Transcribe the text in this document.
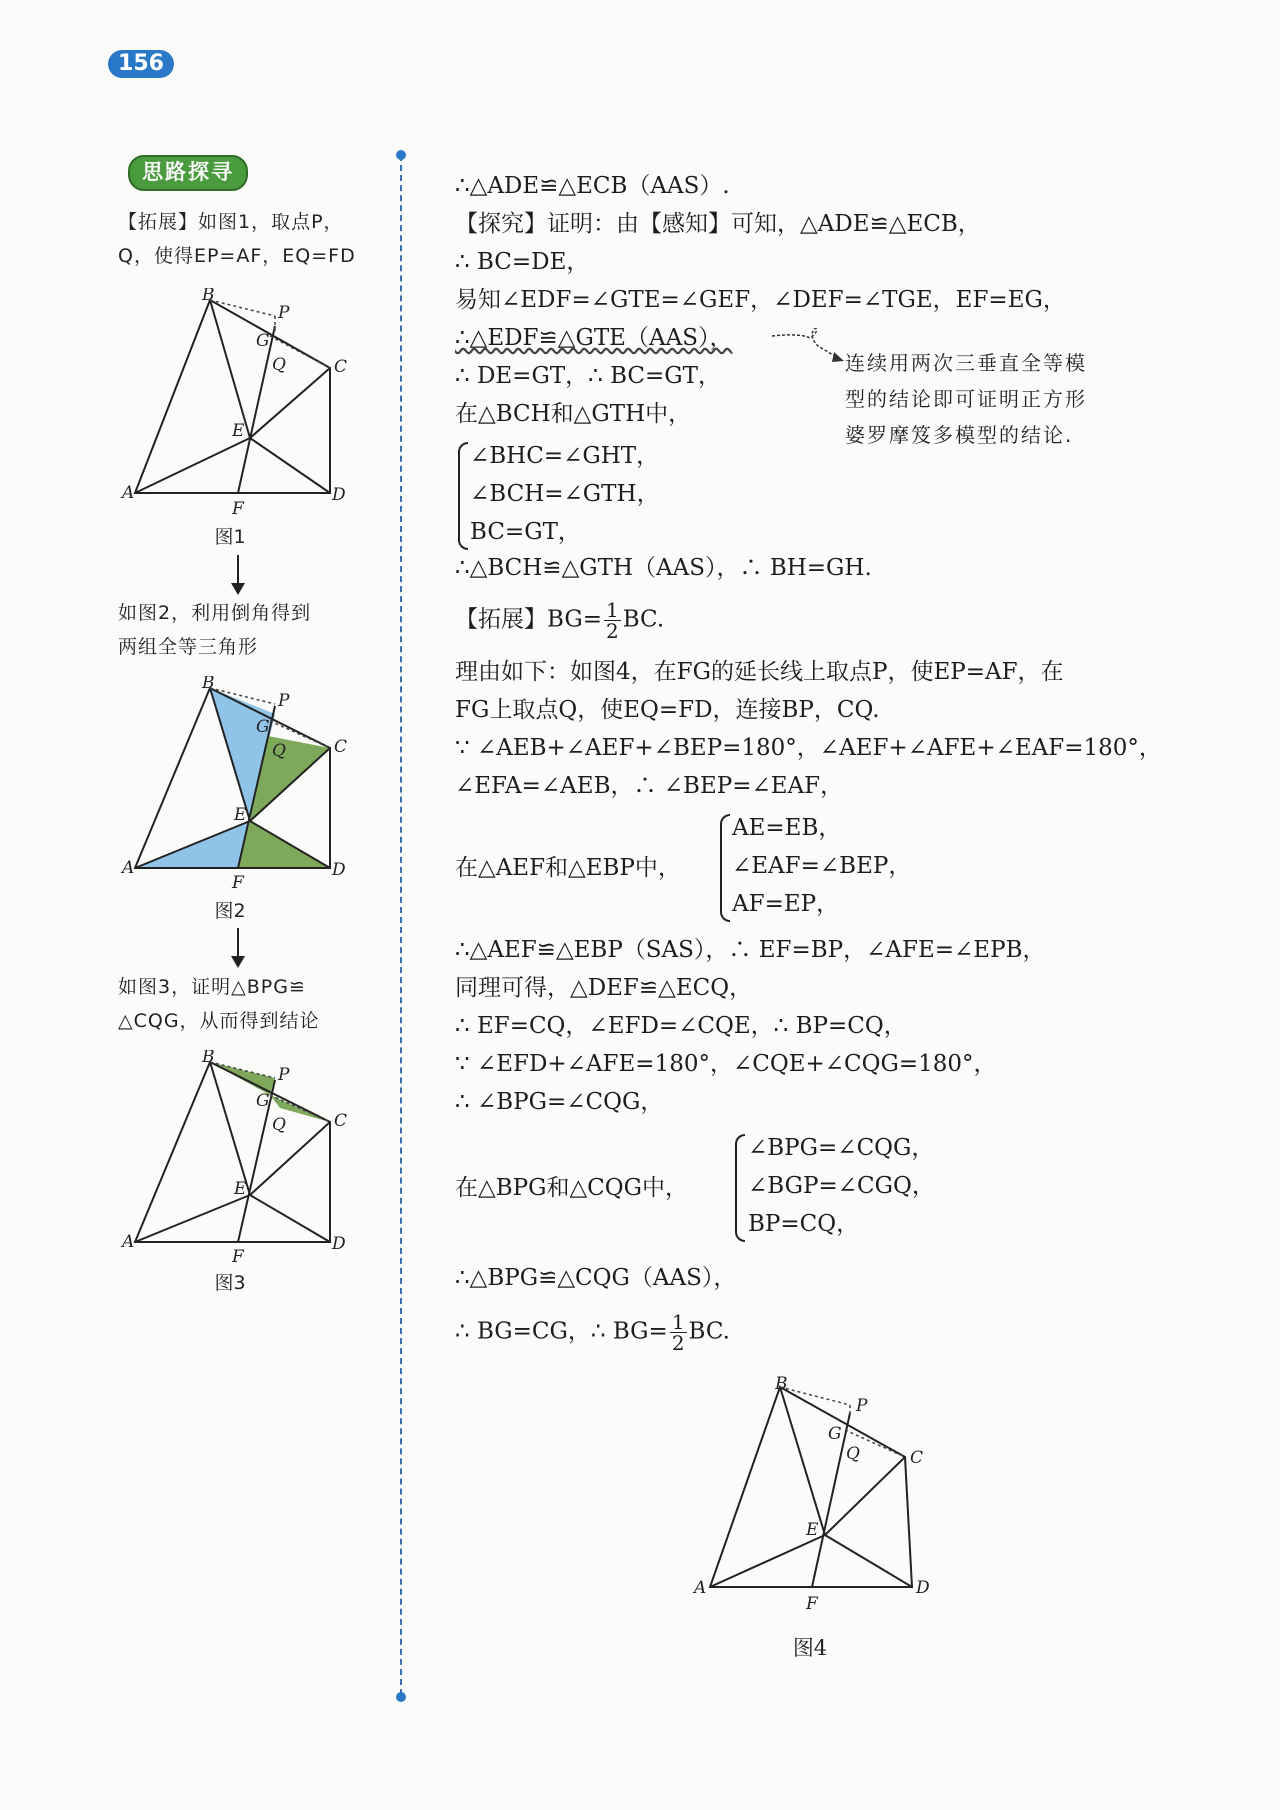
156
思路探寻
【拓展】如图1，取点P，
Q，使得EP=AF，EQ=FD
B
P
G
Q	C
E
A	D
F
图1
如图2，利用倒角得到
两组全等三角形
B
P
G
Q	C
E
A	D
F
图2
如图3，证明△BPG≌
△CQG，从而得到结论
B
P
G
Q	C
E
A	D
F
图3
∴△ADE≌△ECB（AAS）.
【探究】证明：由【感知】可知，△ADE≌△ECB，
∴ BC=DE，
易知∠EDF=∠GTE=∠GEF，∠DEF=∠TGE，EF=EG，
∴△EDF≌△GTE（AAS），
∴ DE=GT，∴ BC=GT，
在△BCH和△GTH中，
连续用两次三垂直全等模
型的结论即可证明正方形
婆罗摩笈多模型的结论.
∠BHC=∠GHT，
∠BCH=∠GTH，
BC=GT，
∴△BCH≌△GTH（AAS），∴ BH=GH.
【拓展】$BG= \frac{1}{2}$ BC.
理由如下：如图4，在FG的延长线上取点P，使EP=AF，在
FG上取点Q，使EQ=FD，连接BP，CQ.
∵ ∠AEB+∠AEF+∠BEP=180°，∠AEF+∠AFE+∠EAF=180°，
∠EFA=∠AEB，∴ ∠BEP=∠EAF，
在△AEF和△EBP中，
AE=EB，
∠EAF=∠BEP，
AF=EP，
∴△AEF≌△EBP（SAS），∴ EF=BP，∠AFE=∠EPB，
同理可得，△DEF≌△ECQ，
∴ EF=CQ，∠EFD=∠CQE，∴ BP=CQ，
∵ ∠EFD+∠AFE=180°，∠CQE+∠CQG=180°，
∴ ∠BPG=∠CQG，
在△BPG和△CQG中，
∠BPG=∠CQG，
∠BGP=∠CGQ，
BP=CQ，
∴△BPG≌△CQG（AAS），
∴ BG=CG，∴ $BG= \frac{1}{2}$ BC.
B
P
G
Q	C
E
A	D
F
图4
